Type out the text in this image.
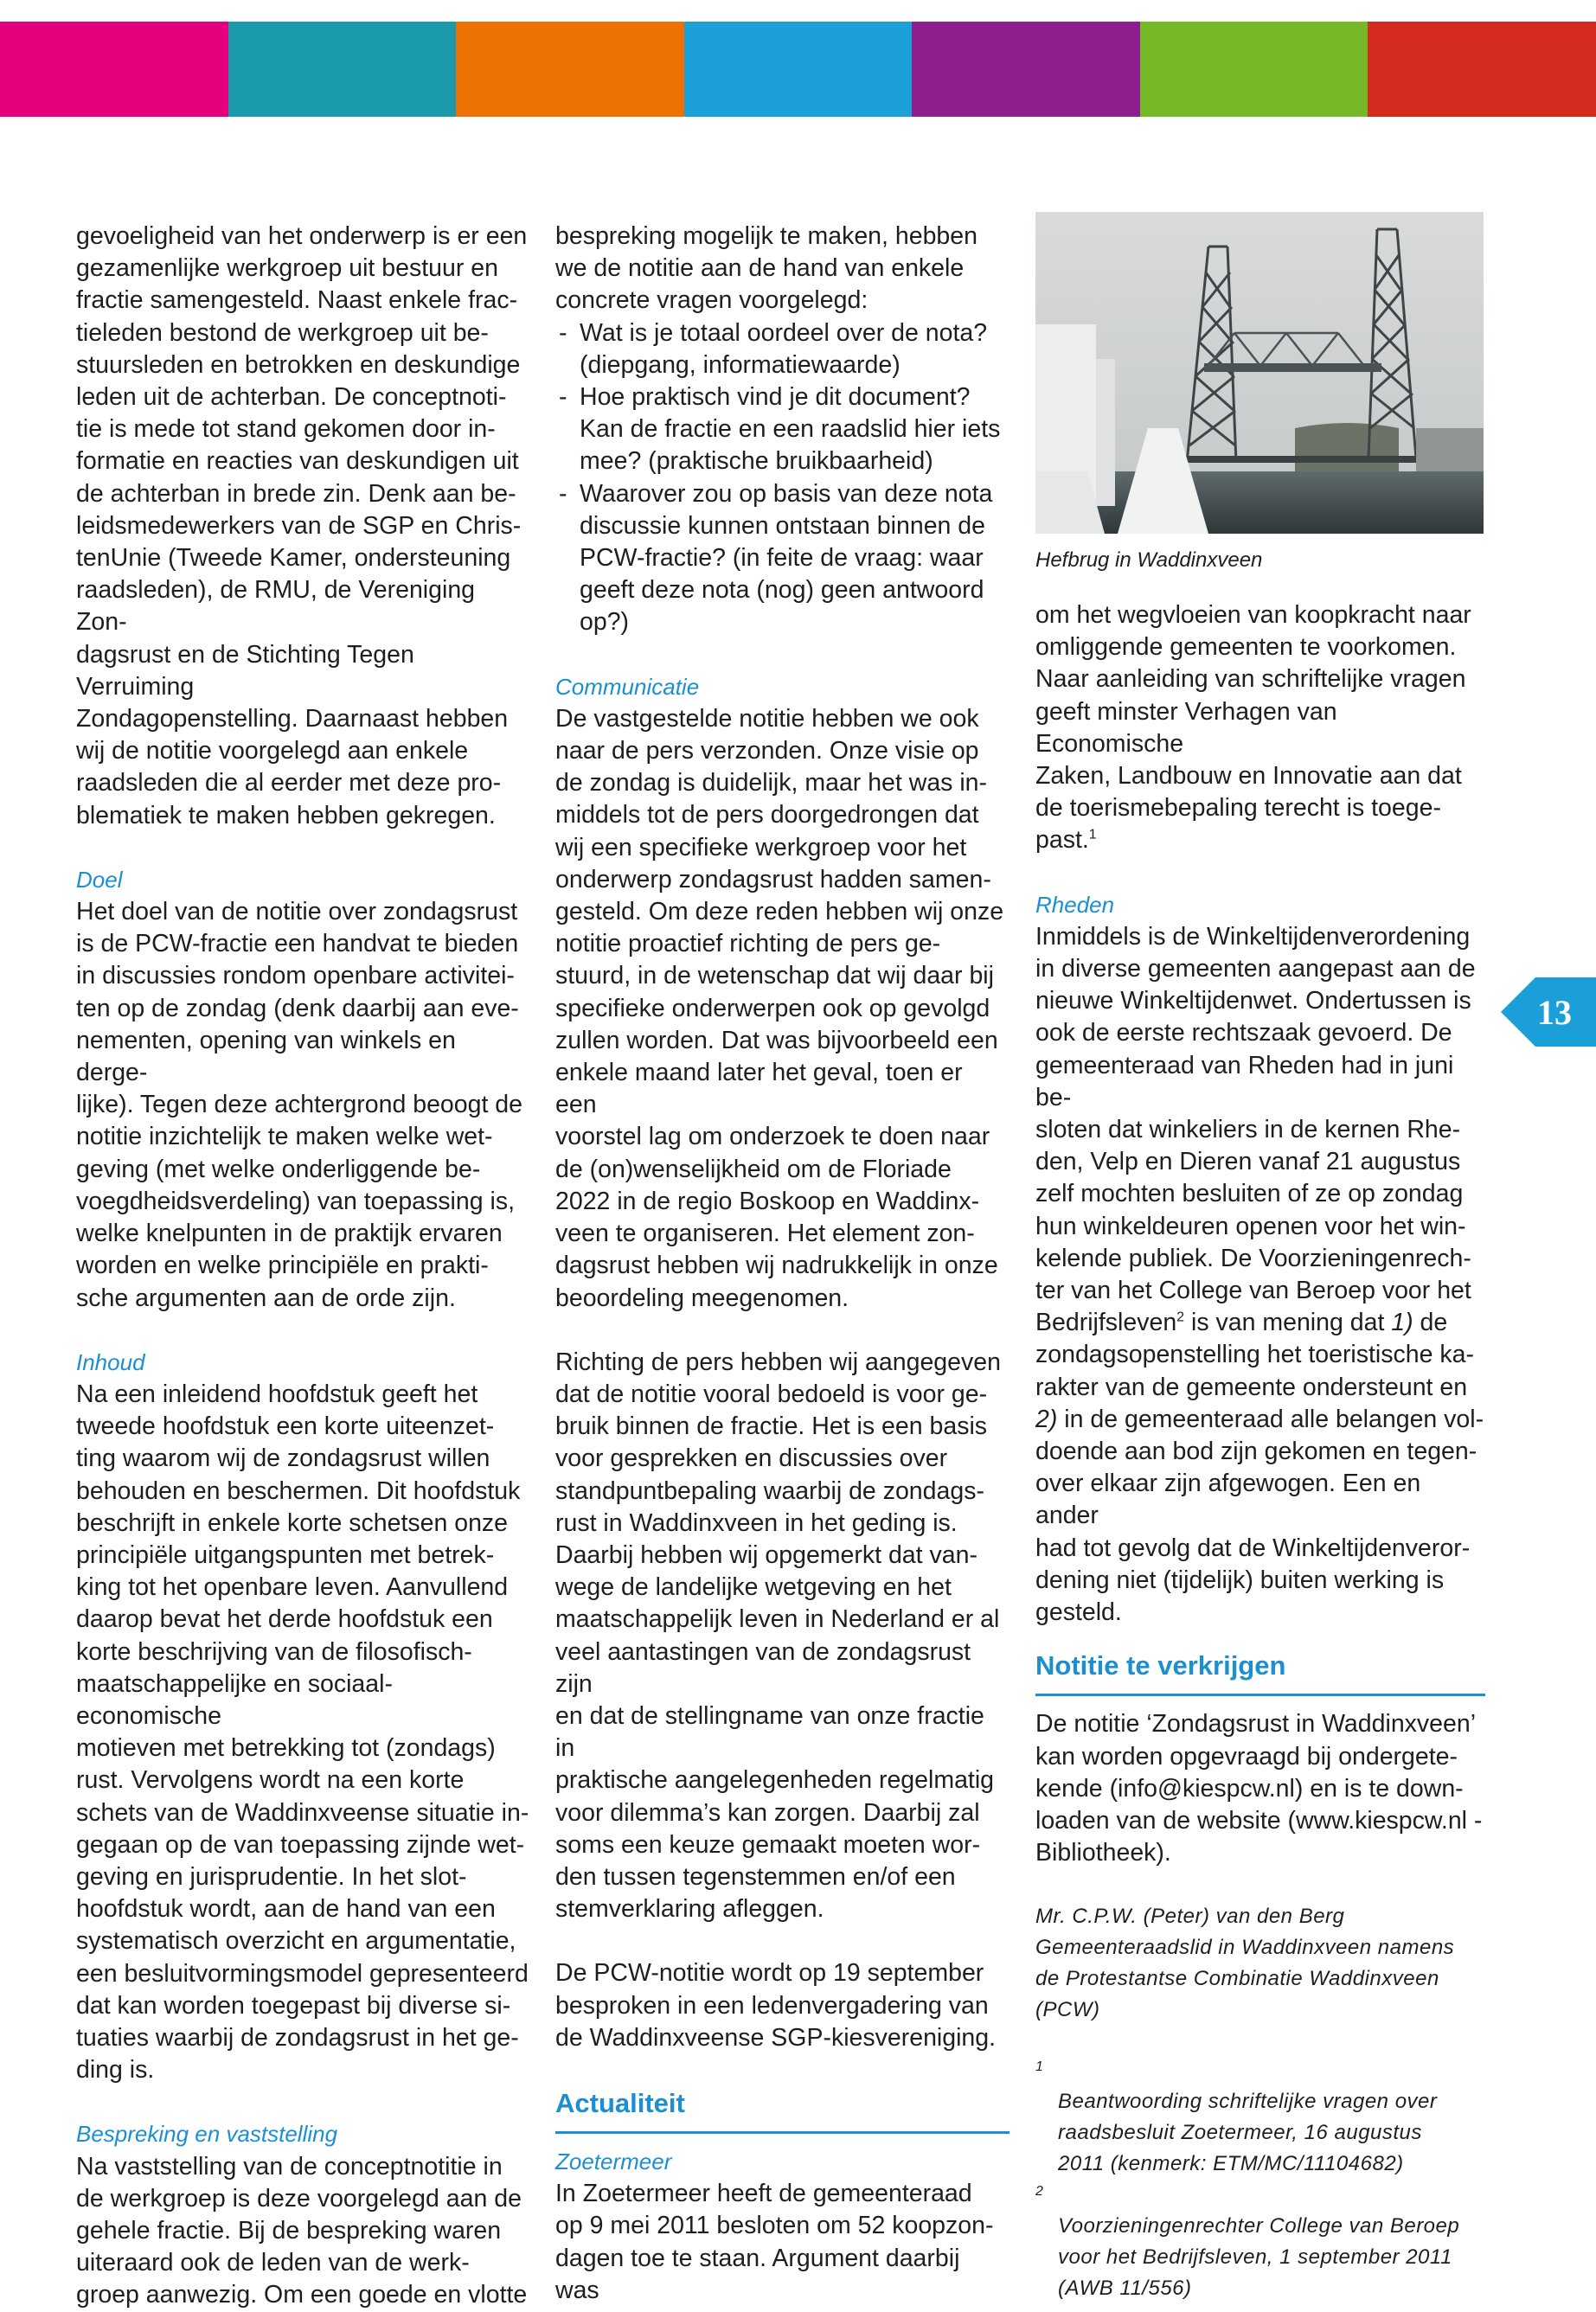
gevoeligheid van het onderwerp is er een
gezamenlijke werkgroep uit bestuur en
fractie samengesteld. Naast enkele frac-
tieleden bestond de werkgroep uit be-
stuursleden en betrokken en deskundige
leden uit de achterban. De conceptnoti-
tie is mede tot stand gekomen door in-
formatie en reacties van deskundigen uit
de achterban in brede zin. Denk aan be-
leidsmedewerkers van de SGP en Chris-
tenUnie (Tweede Kamer, ondersteuning
raadsleden), de RMU, de Vereniging Zon-
dagsrust en de Stichting Tegen Verruiming
Zondagopenstelling. Daarnaast hebben
wij de notitie voorgelegd aan enkele
raadsleden die al eerder met deze pro-
blematiek te maken hebben gekregen.

Doel

Het doel van de notitie over zondagsrust
is de PCW-fractie een handvat te bieden
in discussies rondom openbare activitei-
ten op de zondag (denk daarbij aan eve-
nementen, opening van winkels en derge-
lijke). Tegen deze achtergrond beoogt de
notitie inzichtelijk te maken welke wet-
geving (met welke onderliggende be-
voegdheidsverdeling) van toepassing is,
welke knelpunten in de praktijk ervaren
worden en welke principiële en prakti-
sche argumenten aan de orde zijn.

Inhoud

Na een inleidend hoofdstuk geeft het
tweede hoofdstuk een korte uiteenzet-
ting waarom wij de zondagsrust willen
behouden en beschermen. Dit hoofdstuk
beschrijft in enkele korte schetsen onze
principiële uitgangspunten met betrek-
king tot het openbare leven. Aanvullend
daarop bevat het derde hoofdstuk een
korte beschrijving van de filosofisch-
maatschappelijke en sociaal-economische
motieven met betrekking tot (zondags)
rust. Vervolgens wordt na een korte
schets van de Waddinxveense situatie in-
gegaan op de van toepassing zijnde wet-
geving en jurisprudentie. In het slot-
hoofdstuk wordt, aan de hand van een
systematisch overzicht en argumentatie,
een besluitvormingsmodel gepresenteerd
dat kan worden toegepast bij diverse si-
tuaties waarbij de zondagsrust in het ge-
ding is.

Bespreking en vaststelling

Na vaststelling van de conceptnotitie in
de werkgroep is deze voorgelegd aan de
gehele fractie. Bij de bespreking waren
uiteraard ook de leden van de werk-
groep aanwezig. Om een goede en vlotte

bespreking mogelijk te maken, hebben
we de notitie aan de hand van enkele
concrete vragen voorgelegd:

- Wat is je totaal oordeel over de nota?
(diepgang, informatiewaarde)
- Hoe praktisch vind je dit document?
Kan de fractie en een raadslid hier iets
mee? (praktische bruikbaarheid)
- Waarover zou op basis van deze nota
discussie kunnen ontstaan binnen de
PCW-fractie? (in feite de vraag: waar
geeft deze nota (nog) geen antwoord
op?)

Communicatie

De vastgestelde notitie hebben we ook
naar de pers verzonden. Onze visie op
de zondag is duidelijk, maar het was in-
middels tot de pers doorgedrongen dat
wij een specifieke werkgroep voor het
onderwerp zondagsrust hadden samen-
gesteld. Om deze reden hebben wij onze
notitie proactief richting de pers ge-
stuurd, in de wetenschap dat wij daar bij
specifieke onderwerpen ook op gevolgd
zullen worden. Dat was bijvoorbeeld een
enkele maand later het geval, toen er een
voorstel lag om onderzoek te doen naar
de (on)wenselijkheid om de Floriade
2022 in de regio Boskoop en Waddinx-
veen te organiseren. Het element zon-
dagsrust hebben wij nadrukkelijk in onze
beoordeling meegenomen.

Richting de pers hebben wij aangegeven
dat de notitie vooral bedoeld is voor ge-
bruik binnen de fractie. Het is een basis
voor gesprekken en discussies over
standpuntbepaling waarbij de zondags-
rust in Waddinxveen in het geding is.
Daarbij hebben wij opgemerkt dat van-
wege de landelijke wetgeving en het
maatschappelijk leven in Nederland er al
veel aantastingen van de zondagsrust zijn
en dat de stellingname van onze fractie in
praktische aangelegenheden regelmatig
voor dilemma’s kan zorgen. Daarbij zal
soms een keuze gemaakt moeten wor-
den tussen tegenstemmen en/of een
stemverklaring afleggen.

De PCW-notitie wordt op 19 september
besproken in een ledenvergadering van
de Waddinxveense SGP-kiesvereniging.

Actualiteit

Zoetermeer

In Zoetermeer heeft de gemeenteraad
op 9 mei 2011 besloten om 52 koopzon-
dagen toe te staan. Argument daarbij was

Hefbrug in Waddinxveen

om het wegvloeien van koopkracht naar
omliggende gemeenten te voorkomen.
Naar aanleiding van schriftelijke vragen
geeft minster Verhagen van Economische
Zaken, Landbouw en Innovatie aan dat
de toerismebepaling terecht is toege-
past.$^1$

Rheden

Inmiddels is de Winkeltijdenverordening
in diverse gemeenten aangepast aan de
nieuwe Winkeltijdenwet. Ondertussen is
ook de eerste rechtszaak gevoerd. De
gemeenteraad van Rheden had in juni be-
sloten dat winkeliers in de kernen Rhe-
den, Velp en Dieren vanaf 21 augustus
zelf mochten besluiten of ze op zondag
hun winkeldeuren openen voor het win-
kelende publiek. De Voorzieningenrech-
ter van het College van Beroep voor het
Bedrijfsleven$^2$ is van mening dat 1) de
zondagsopenstelling het toeristische ka-
rakter van de gemeente ondersteunt en
2) in de gemeenteraad alle belangen vol-
doende aan bod zijn gekomen en tegen-
over elkaar zijn afgewogen. Een en ander
had tot gevolg dat de Winkeltijdenveror-
dening niet (tijdelijk) buiten werking is
gesteld.

Notitie te verkrijgen

De notitie ‘Zondagsrust in Waddinxveen’
kan worden opgevraagd bij ondergete-
kende (info@kiespcw.nl) en is te down-
loaden van de website (www.kiespcw.nl -
Bibliotheek).

Mr. C.P.W. (Peter) van den Berg
Gemeenteraadslid in Waddinxveen namens
de Protestantse Combinatie Waddinxveen
(PCW)

1
Beantwoording schriftelijke vragen over
raadsbesluit Zoetermeer, 16 augustus
2011 (kenmerk: ETM/MC/11104682)

2
Voorzieningenrechter College van Beroep
voor het Bedrijfsleven, 1 september 2011
(AWB 11/556)

13
